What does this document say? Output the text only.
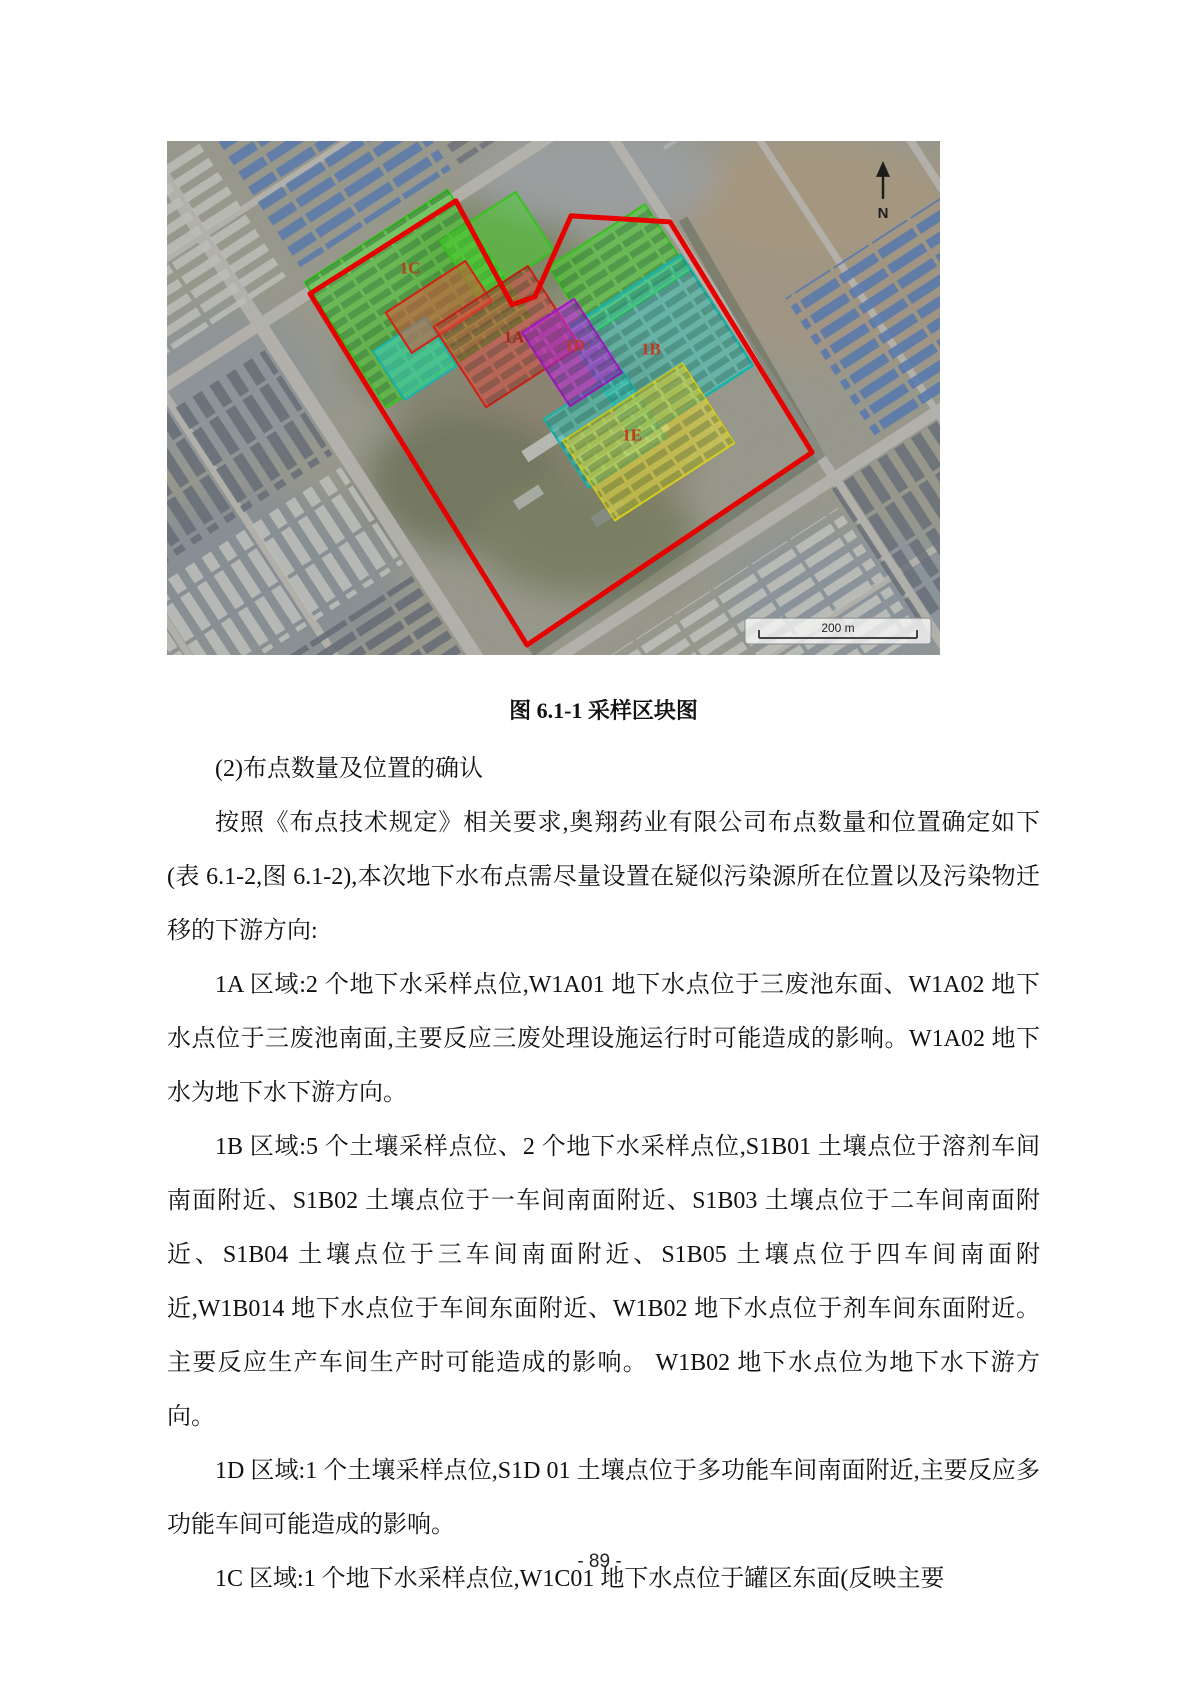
1C
1A	1D	1B
1E
N
200 m
图 6.1-1 采样区块图

(2)布点数量及位置的确认

按照《布点技术规定》相关要求,奥翔药业有限公司布点数量和位置确定如下(表 6.1-2,图 6.1-2),本次地下水布点需尽量设置在疑似污染源所在位置以及污染物迁移的下游方向:

1A 区域:2 个地下水采样点位,W1A01 地下水点位于三废池东面、W1A02 地下水点位于三废池南面,主要反应三废处理设施运行时可能造成的影响。W1A02 地下水为地下水下游方向。

1B 区域:5 个土壤采样点位、2 个地下水采样点位,S1B01 土壤点位于溶剂车间南面附近、S1B02 土壤点位于一车间南面附近、S1B03 土壤点位于二车间南面附近、S1B04 土壤点位于三车间南面附近、S1B05 土壤点位于四车间南面附近,W1B014 地下水点位于车间东面附近、W1B02 地下水点位于剂车间东面附近。主要反应生产车间生产时可能造成的影响。 W1B02 地下水点位为地下水下游方向。

1D 区域:1 个土壤采样点位,S1D 01 土壤点位于多功能车间南面附近,主要反应多功能车间可能造成的影响。

1C 区域:1 个地下水采样点位,W1C01 地下水点位于罐区东面(反映主要

- 89 -
